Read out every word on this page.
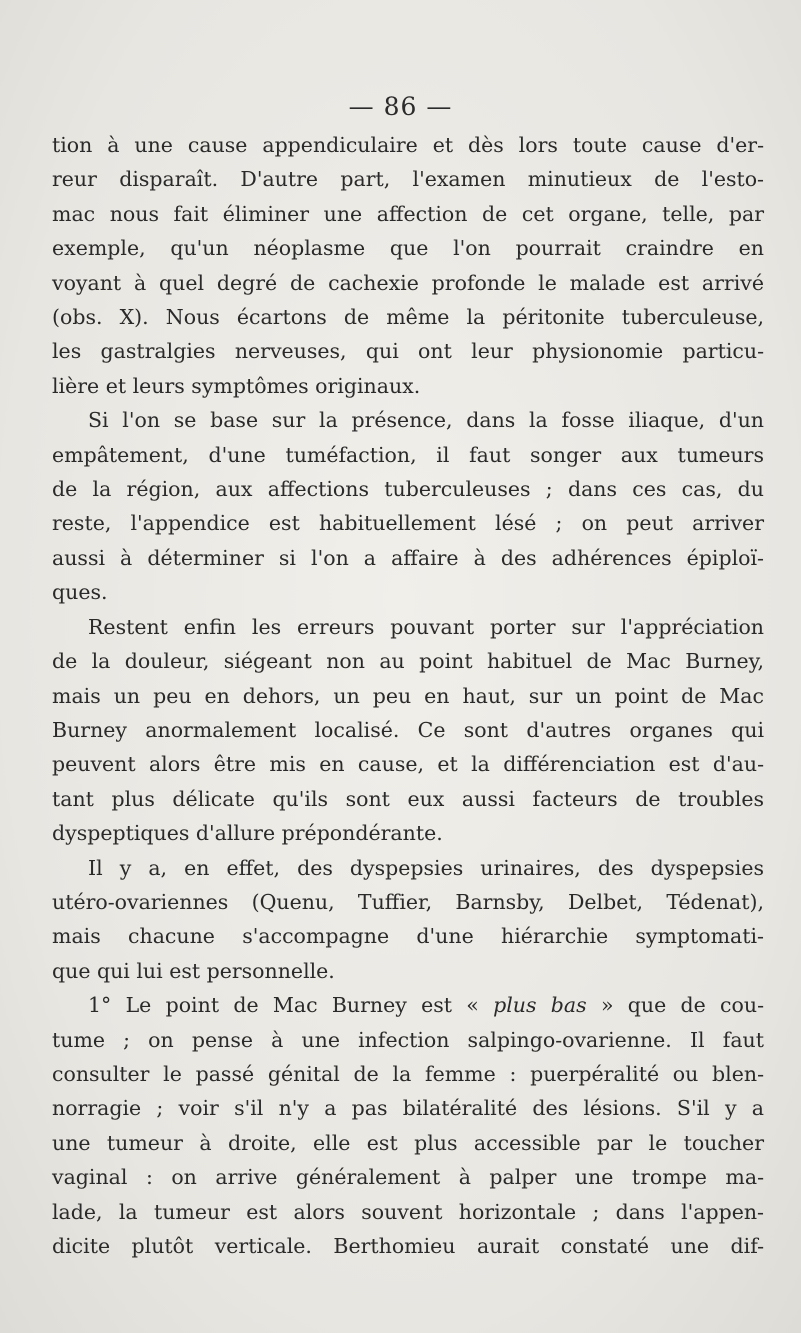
— 86 —
tion à une cause appendiculaire et dès lors toute cause d'er-
reur disparaît. D'autre part, l'examen minutieux de l'esto-
mac nous fait éliminer une affection de cet organe, telle, par
exemple, qu'un néoplasme que l'on pourrait craindre en
voyant à quel degré de cachexie profonde le malade est arrivé
(obs. X). Nous écartons de même la péritonite tuberculeuse,
les gastralgies nerveuses, qui ont leur physionomie particu-
lière et leurs symptômes originaux.
Si l'on se base sur la présence, dans la fosse iliaque, d'un
empâtement, d'une tuméfaction, il faut songer aux tumeurs
de la région, aux affections tuberculeuses ; dans ces cas, du
reste, l'appendice est habituellement lésé ; on peut arriver
aussi à déterminer si l'on a affaire à des adhérences épiploï-
ques.
Restent enfin les erreurs pouvant porter sur l'appréciation
de la douleur, siégeant non au point habituel de Mac Burney,
mais un peu en dehors, un peu en haut, sur un point de Mac
Burney anormalement localisé. Ce sont d'autres organes qui
peuvent alors être mis en cause, et la différenciation est d'au-
tant plus délicate qu'ils sont eux aussi facteurs de troubles
dyspeptiques d'allure prépondérante.
Il y a, en effet, des dyspepsies urinaires, des dyspepsies
utéro-ovariennes (Quenu, Tuffier, Barnsby, Delbet, Tédenat),
mais chacune s'accompagne d'une hiérarchie symptomati-
que qui lui est personnelle.
1° Le point de Mac Burney est « plus bas » que de cou-
tume ; on pense à une infection salpingo-ovarienne. Il faut
consulter le passé génital de la femme : puerpéralité ou blen-
norragie ; voir s'il n'y a pas bilatéralité des lésions. S'il y a
une tumeur à droite, elle est plus accessible par le toucher
vaginal : on arrive généralement à palper une trompe ma-
lade, la tumeur est alors souvent horizontale ; dans l'appen-
dicite plutôt verticale. Berthomieu aurait constaté une dif-
